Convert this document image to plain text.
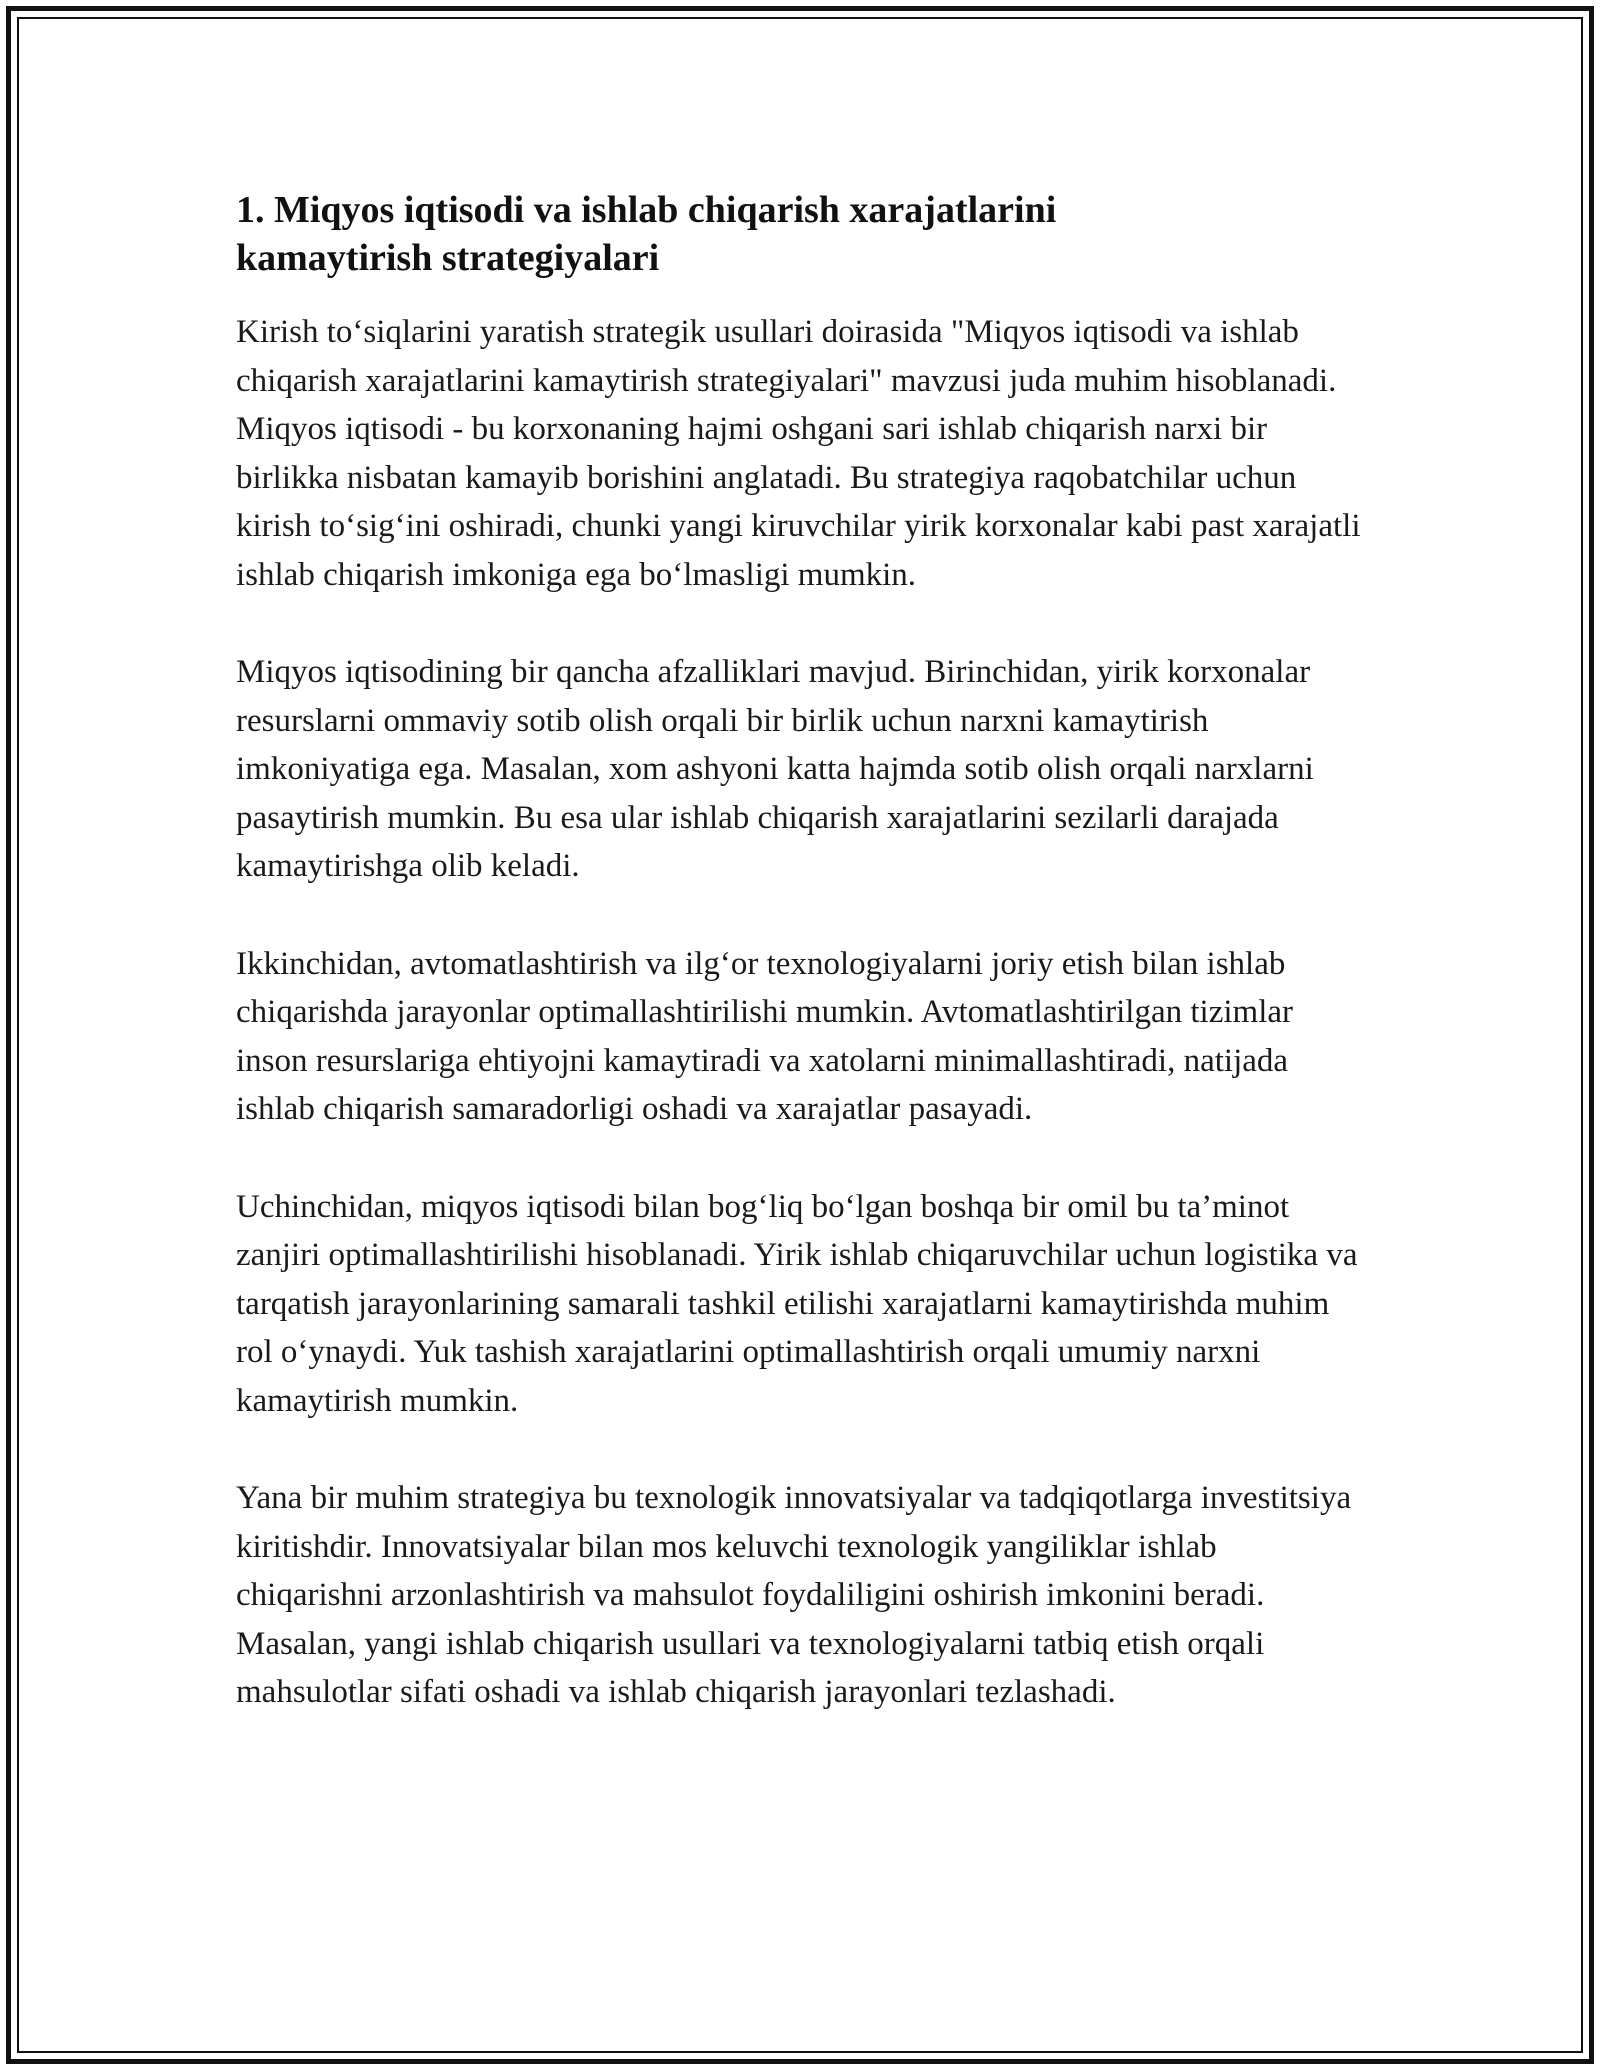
1. Miqyos iqtisodi va ishlab chiqarish xarajatlarini
kamaytirish strategiyalari

Kirish to‘siqlarini yaratish strategik usullari doirasida "Miqyos iqtisodi va ishlab chiqarish xarajatlarini kamaytirish strategiyalari" mavzusi juda muhim hisoblanadi. Miqyos iqtisodi - bu korxonaning hajmi oshgani sari ishlab chiqarish narxi bir birlikka nisbatan kamayib borishini anglatadi. Bu strategiya raqobatchilar uchun kirish to‘sig‘ini oshiradi, chunki yangi kiruvchilar yirik korxonalar kabi past xarajatli ishlab chiqarish imkoniga ega bo‘lmasligi mumkin.

Miqyos iqtisodining bir qancha afzalliklari mavjud. Birinchidan, yirik korxonalar resurslarni ommaviy sotib olish orqali bir birlik uchun narxni kamaytirish imkoniyatiga ega. Masalan, xom ashyoni katta hajmda sotib olish orqali narxlarni pasaytirish mumkin. Bu esa ular ishlab chiqarish xarajatlarini sezilarli darajada kamaytirishga olib keladi.

Ikkinchidan, avtomatlashtirish va ilg‘or texnologiyalarni joriy etish bilan ishlab chiqarishda jarayonlar optimallashtirilishi mumkin. Avtomatlashtirilgan tizimlar inson resurslariga ehtiyojni kamaytiradi va xatolarni minimallashtiradi, natijada ishlab chiqarish samaradorligi oshadi va xarajatlar pasayadi.

Uchinchidan, miqyos iqtisodi bilan bog‘liq bo‘lgan boshqa bir omil bu ta’minot zanjiri optimallashtirilishi hisoblanadi. Yirik ishlab chiqaruvchilar uchun logistika va tarqatish jarayonlarining samarali tashkil etilishi xarajatlarni kamaytirishda muhim rol o‘ynaydi. Yuk tashish xarajatlarini optimallashtirish orqali umumiy narxni kamaytirish mumkin.

Yana bir muhim strategiya bu texnologik innovatsiyalar va tadqiqotlarga investitsiya kiritishdir. Innovatsiyalar bilan mos keluvchi texnologik yangiliklar ishlab chiqarishni arzonlashtirish va mahsulot foydaliligini oshirish imkonini beradi. Masalan, yangi ishlab chiqarish usullari va texnologiyalarni tatbiq etish orqali mahsulotlar sifati oshadi va ishlab chiqarish jarayonlari tezlashadi.
